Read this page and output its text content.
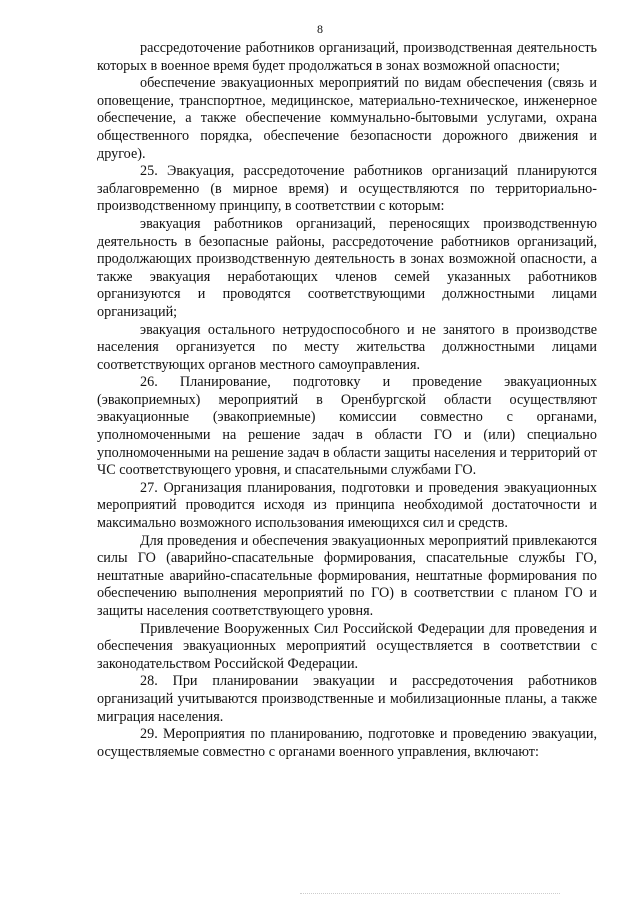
8

рассредоточение работников организаций, производственная деятельность которых в военное время будет продолжаться в зонах возможной опасности;

обеспечение эвакуационных мероприятий по видам обеспечения (связь и оповещение, транспортное, медицинское, материально-техническое, инженерное обеспечение, а также обеспечение коммунально-бытовыми услугами, охрана общественного порядка, обеспечение безопасности дорожного движения и другое).

25. Эвакуация, рассредоточение работников организаций планируются заблаговременно (в мирное время) и осуществляются по территориально-производственному принципу, в соответствии с которым:

эвакуация работников организаций, переносящих производственную деятельность в безопасные районы, рассредоточение работников организаций, продолжающих производственную деятельность в зонах возможной опасности, а также эвакуация неработающих членов семей указанных работников организуются и проводятся соответствующими должностными лицами организаций;

эвакуация остального нетрудоспособного и не занятого в производстве населения организуется по месту жительства должностными лицами соответствующих органов местного самоуправления.

26. Планирование, подготовку и проведение эвакуационных (эвакоприемных) мероприятий в Оренбургской области осуществляют эвакуационные (эвакоприемные) комиссии совместно с органами, уполномоченными на решение задач в области ГО и (или) специально уполномоченными на решение задач в области защиты населения и территорий от ЧС соответствующего уровня, и спасательными службами ГО.

27. Организация планирования, подготовки и проведения эвакуационных мероприятий проводится исходя из принципа необходимой достаточности и максимально возможного использования имеющихся сил и средств.

Для проведения и обеспечения эвакуационных мероприятий привлекаются силы ГО (аварийно-спасательные формирования, спасательные службы ГО, нештатные аварийно-спасательные формирования, нештатные формирования по обеспечению выполнения мероприятий по ГО) в соответствии с планом ГО и защиты населения соответствующего уровня.

Привлечение Вооруженных Сил Российской Федерации для проведения и обеспечения эвакуационных мероприятий осуществляется в соответствии с законодательством Российской Федерации.

28. При планировании эвакуации и рассредоточения работников организаций учитываются производственные и мобилизационные планы, а также миграция населения.

29. Мероприятия по планированию, подготовке и проведению эвакуации, осуществляемые совместно с органами военного управления, включают:
